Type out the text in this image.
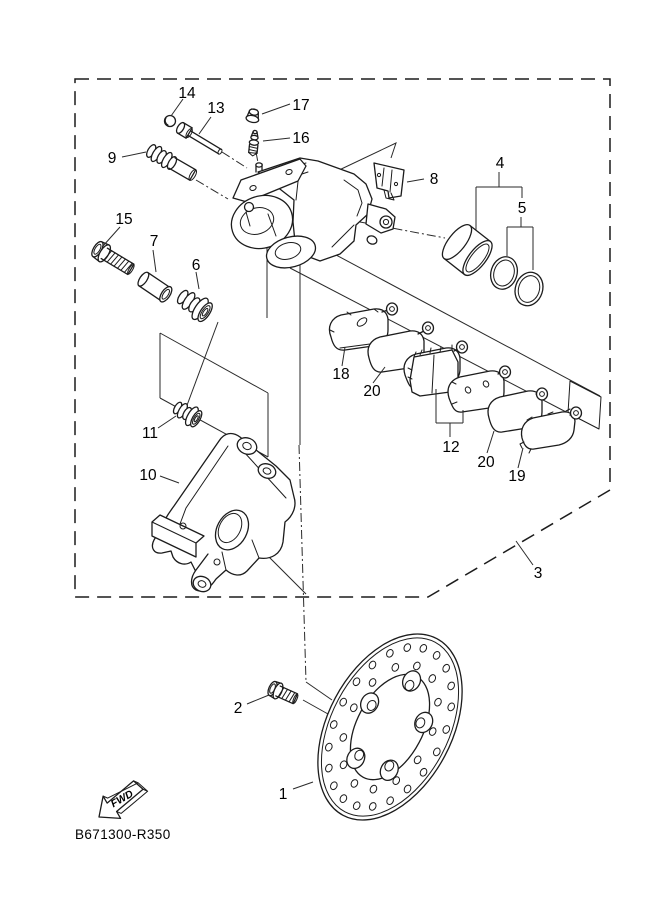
FWD
B671300-R350
14
13	17
16
9
15
7
6
8
4
5
18
20
12
20
19
11
10
3
2
1
